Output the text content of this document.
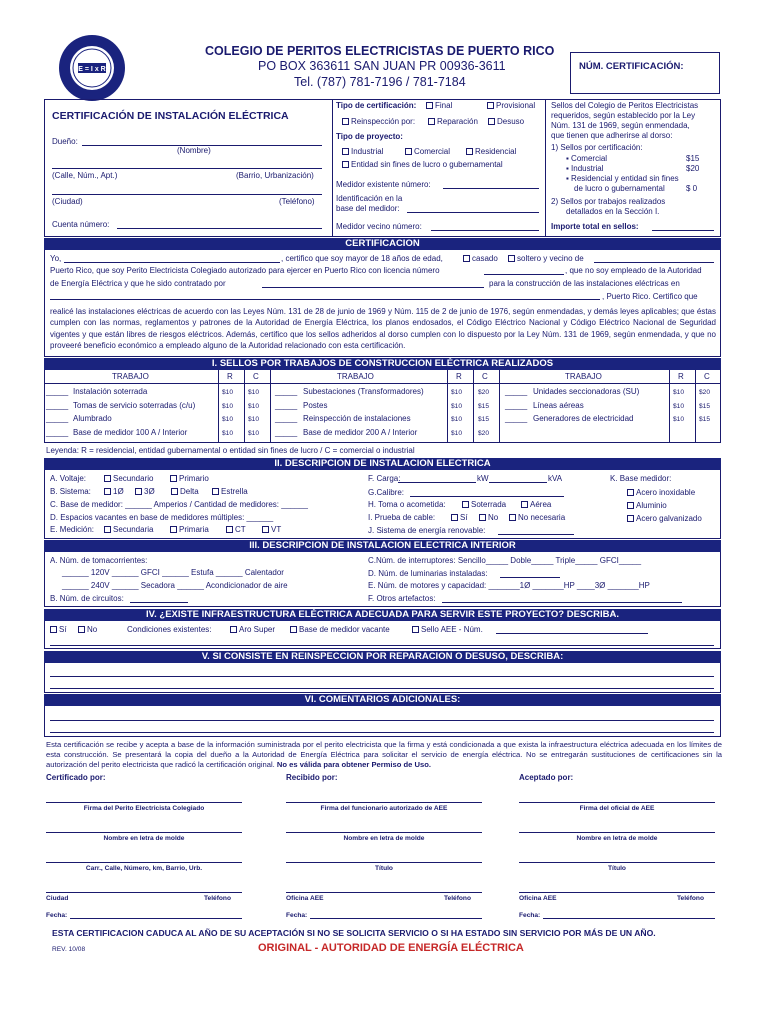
E = I x R
COLEGIO DE PERITOS ELECTRICISTAS DE PUERTO RICO
PO BOX 363611 SAN JUAN PR 00936-3611
Tel. (787) 781-7196 / 781-7184
NÚM. CERTIFICACIÓN:
CERTIFICACIÓN DE INSTALACIÓN ELÉCTRICA
Dueño:
(Nombre)
(Calle, Núm., Apt.)	(Barrio, Urbanización)
(Ciudad)	(Teléfono)
Cuenta número:
Tipo de certificación:	Final	Provisional
Reinspección por:	Reparación	Desuso
Tipo de proyecto:
Industrial	Comercial	Residencial
Entidad sin fines de lucro o gubernamental
Medidor existente número:
Identificación en la
base del medidor:
Medidor vecino número:
Sellos del Colegio de Peritos Electricistas
requeridos, según establecido por la Ley
Núm. 131 de 1969, según enmendada,
que tienen que adherirse al dorso:
1) Sellos por certificación:
▪ Comercial	$15
▪ Industrial	$20
▪ Residencial y entidad sin fines
de lucro o gubernamental	$ 0
2) Sellos por trabajos realizados
detallados en la Sección I.
Importe total en sellos:
CERTIFICACION
Yo,	, certifico que soy mayor de 18 años de edad,	casado	soltero y vecino de
Puerto Rico, que soy Perito Electricista Colegiado autorizado para ejercer en Puerto Rico con licencia número	, que no soy empleado de la Autoridad
de Energía Eléctrica y que he sido contratado por	para la construcción de las instalaciones eléctricas en
, Puerto Rico. Certifico que
realicé las instalaciones eléctricas de acuerdo con las Leyes Núm. 131 de 28 de junio de 1969 y Núm. 115 de 2 de junio de 1976, según enmendadas, y demás leyes aplicables; que éstas cumplen con las normas, reglamentos y patrones de la Autoridad de Energía Eléctrica, los planos endosados, el Código Eléctrico Nacional y Código Eléctrico Nacional de Seguridad vigentes y que están libres de riesgos eléctricos. Además, certifico que los sellos adheridos al dorso cumplen con lo dispuesto por la Ley Núm. 131 de 1969, según enmendada, y que no proveeré beneficio económico a empleado alguno de la Autoridad relacionado con esta certificación.
I. SELLOS POR TRABAJOS DE CONSTRUCCION ELÉCTRICA REALIZADOS
TRABAJO	R	C	TRABAJO	R	C	TRABAJO	R	C
_____ Instalación soterrada	$10 $10
_____ Tomas de servicio soterradas (c/u)	$10 $10
_____ Alumbrado	$10 $10
_____ Base de medidor 100 A / Interior	$10 $10
_____ Subestaciones (Transformadores)	$10 $20
_____ Postes	$10 $15
_____ Reinspección de instalaciones	$10 $15
_____ Base de medidor 200 A / Interior	$10 $20
_____ Unidades seccionadoras (SU)	$10 $20
_____ Líneas aéreas	$10 $15
_____ Generadores de electricidad	$10 $15
Leyenda: R = residencial, entidad gubernamental o entidad sin fines de lucro / C = comercial o industrial
II. DESCRIPCION DE INSTALACION ELECTRICA
A. Voltaje:	Secundario	Primario
B. Sistema:	1Ø	3Ø	Delta	Estrella
C. Base de medidor: ______ Amperios / Cantidad de medidores: ______
D. Espacios vacantes en base de medidores múltiples: ______
E. Medición:	Secundaria	Primaria	CT	VT
F. Carga:	kW	kVA
G.Calibre:
H. Toma o acometida:	Soterrada	Aérea
I. Prueba de cable:	Sí	No	No necesaria
J. Sistema de energía renovable:
K. Base medidor:
Acero inoxidable
Aluminio
Acero galvanizado
III. DESCRIPCION DE INSTALACION ELECTRICA INTERIOR
A. Núm. de tomacorrientes:
______ 120V ______ GFCI ______ Estufa ______ Calentador
______ 240V ______ Secadora ______ Acondicionador de aire
B. Núm. de circuitos:
C.Núm. de interruptores: Sencillo_____ Doble_____ Triple_____ GFCI_____
D. Núm. de luminarias instaladas:
E. Núm. de motores y capacidad: _______1Ø _______HP ____3Ø _______HP
F. Otros artefactos:
IV. ¿EXISTE INFRAESTRUCTURA ELÉCTRICA ADECUADA PARA SERVIR ESTE PROYECTO? DESCRIBA.
Sí	No	Condiciones existentes:	Aro Super	Base de medidor vacante	Sello AEE - Núm.
V. SI CONSISTE EN REINSPECCION POR REPARACION O DESUSO, DESCRIBA:
VI. COMENTARIOS ADICIONALES:
Esta certificación se recibe y acepta a base de la información suministrada por el perito electricista que la firma y está condicionada a que exista la infraestructura eléctrica adecuada en los límites de esta construcción. Se presentará la copia del dueño a la Autoridad de Energía Eléctrica para solicitar el servicio de energía eléctrica. No se entregarán sustituciones de certificaciones sin la autorización del perito electricista que radicó la certificación original. No es válida para obtener Permiso de Uso.
Certificado por:	Recibido por:	Aceptado por:
Firma del Perito Electricista Colegiado
Nombre en letra de molde
Carr., Calle, Número, km, Barrio, Urb.
Ciudad	Teléfono
Fecha:
Firma del funcionario autorizado de AEE
Nombre en letra de molde
Título
Oficina AEE	Teléfono
Fecha:
Firma del oficial de AEE
Nombre en letra de molde
Título
Oficina AEE	Teléfono
Fecha:
ESTA CERTIFICACION CADUCA AL AÑO DE SU ACEPTACIÓN SI NO SE SOLICITA SERVICIO O SI HA ESTADO SIN SERVICIO POR MÁS DE UN AÑO.
REV. 10/08	ORIGINAL - AUTORIDAD DE ENERGÍA ELÉCTRICA
